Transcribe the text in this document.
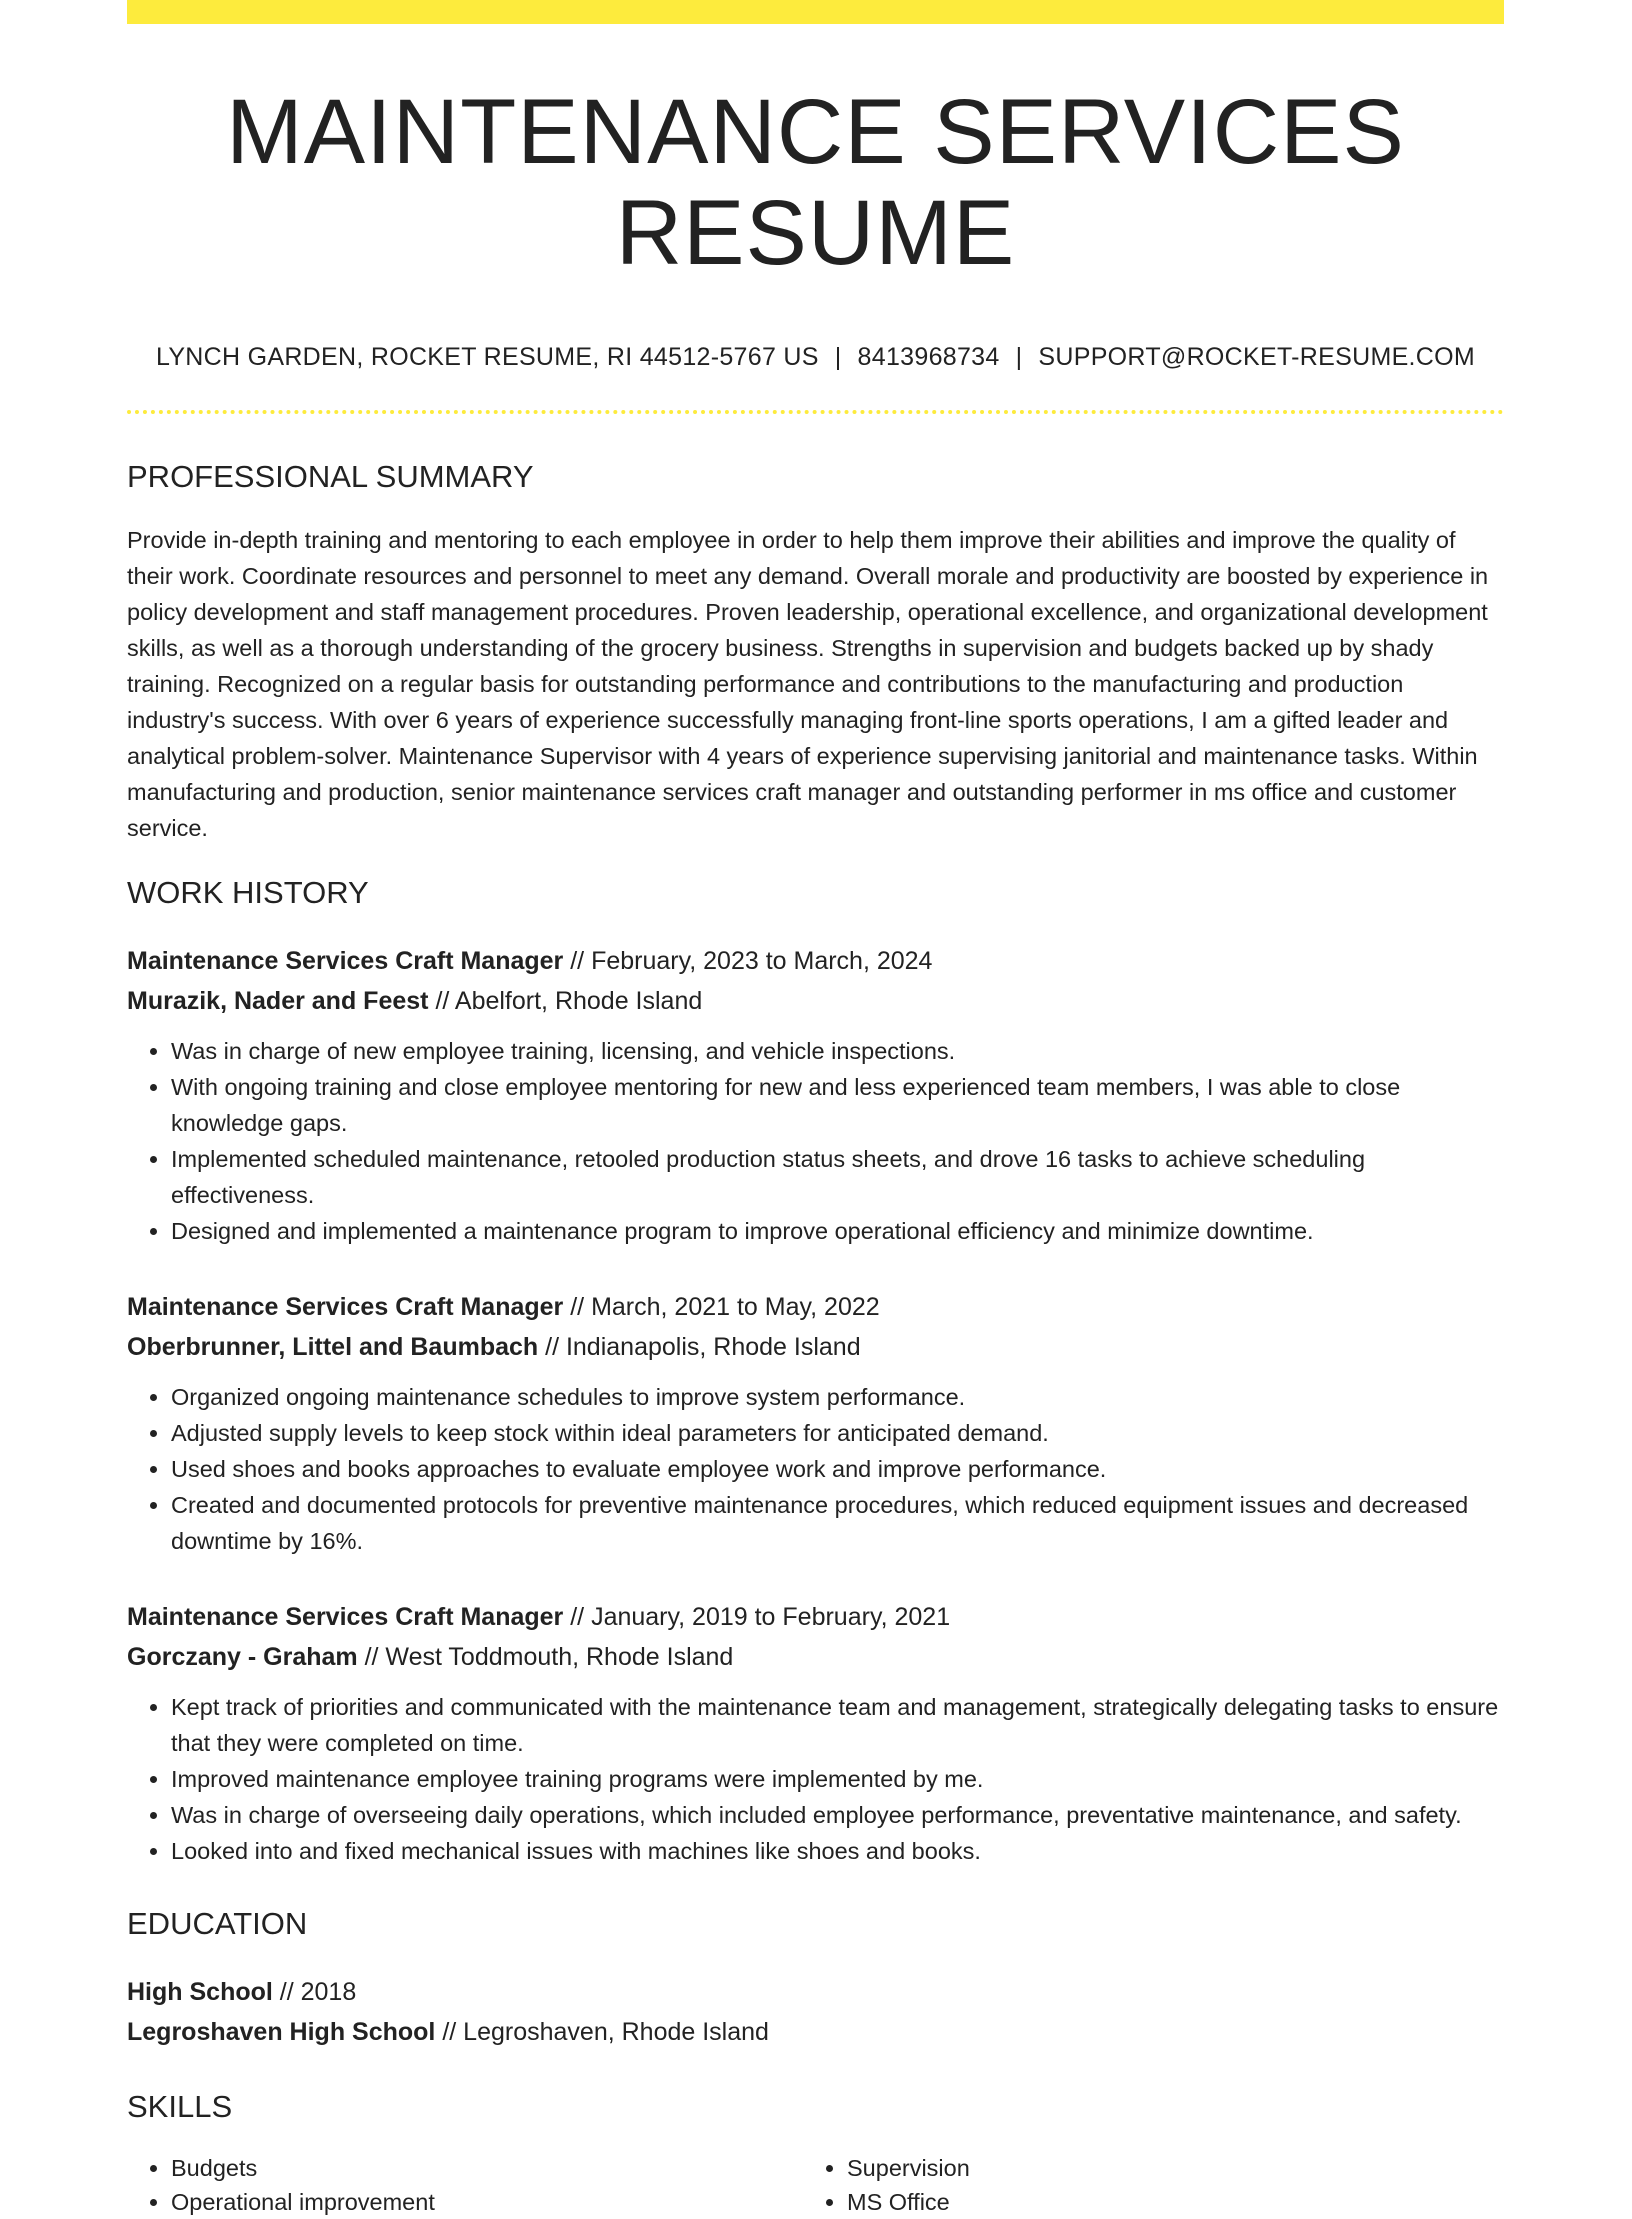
MAINTENANCE SERVICES RESUME
LYNCH GARDEN, ROCKET RESUME, RI 44512-5767 US | 8413968734 | SUPPORT@ROCKET-RESUME.COM
PROFESSIONAL SUMMARY
Provide in-depth training and mentoring to each employee in order to help them improve their abilities and improve the quality of their work. Coordinate resources and personnel to meet any demand. Overall morale and productivity are boosted by experience in policy development and staff management procedures. Proven leadership, operational excellence, and organizational development skills, as well as a thorough understanding of the grocery business. Strengths in supervision and budgets backed up by shady training. Recognized on a regular basis for outstanding performance and contributions to the manufacturing and production industry's success. With over 6 years of experience successfully managing front-line sports operations, I am a gifted leader and analytical problem-solver. Maintenance Supervisor with 4 years of experience supervising janitorial and maintenance tasks. Within manufacturing and production, senior maintenance services craft manager and outstanding performer in ms office and customer service.
WORK HISTORY
Maintenance Services Craft Manager // February, 2023 to March, 2024
Murazik, Nader and Feest // Abelfort, Rhode Island
• Was in charge of new employee training, licensing, and vehicle inspections.
• With ongoing training and close employee mentoring for new and less experienced team members, I was able to close knowledge gaps.
• Implemented scheduled maintenance, retooled production status sheets, and drove 16 tasks to achieve scheduling effectiveness.
• Designed and implemented a maintenance program to improve operational efficiency and minimize downtime.
Maintenance Services Craft Manager // March, 2021 to May, 2022
Oberbrunner, Littel and Baumbach // Indianapolis, Rhode Island
• Organized ongoing maintenance schedules to improve system performance.
• Adjusted supply levels to keep stock within ideal parameters for anticipated demand.
• Used shoes and books approaches to evaluate employee work and improve performance.
• Created and documented protocols for preventive maintenance procedures, which reduced equipment issues and decreased downtime by 16%.
Maintenance Services Craft Manager // January, 2019 to February, 2021
Gorczany - Graham // West Toddmouth, Rhode Island
• Kept track of priorities and communicated with the maintenance team and management, strategically delegating tasks to ensure that they were completed on time.
• Improved maintenance employee training programs were implemented by me.
• Was in charge of overseeing daily operations, which included employee performance, preventative maintenance, and safety.
• Looked into and fixed mechanical issues with machines like shoes and books.
EDUCATION
High School // 2018
Legroshaven High School // Legroshaven, Rhode Island
SKILLS
• Budgets
• Operational improvement
• Supervision
• MS Office
